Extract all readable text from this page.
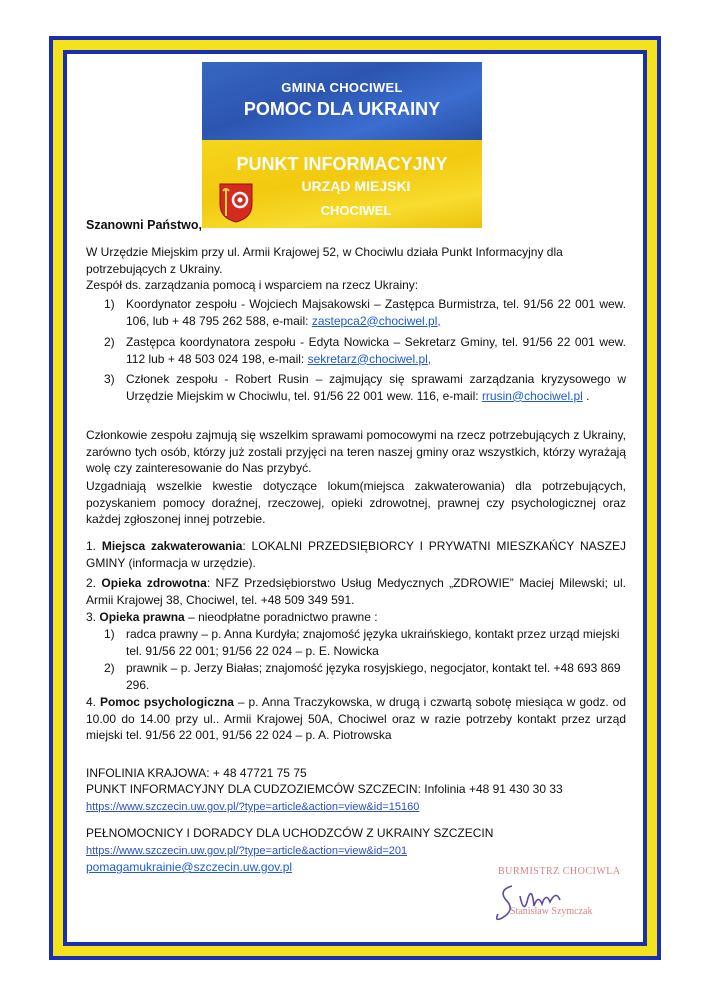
GMINA CHOCIWEL
POMOC DLA UKRAINY
PUNKT INFORMACYJNY
URZĄD MIEJSKI
CHOCIWEL
Szanowni Państwo,
W Urzędzie Miejskim przy ul. Armii Krajowej 52, w Chociwlu działa Punkt Informacyjny dla potrzebujących z Ukrainy.
Zespół ds. zarządzania pomocą i wsparciem na rzecz Ukrainy:
1) Koordynator zespołu - Wojciech Majsakowski – Zastępca Burmistrza, tel. 91/56 22 001 wew. 106, lub + 48 795 262 588, e-mail: zastepca2@chociwel.pl,
2) Zastępca koordynatora zespołu - Edyta Nowicka – Sekretarz Gminy, tel. 91/56 22 001 wew. 112 lub + 48 503 024 198, e-mail: sekretarz@chociwel.pl,
3) Członek zespołu - Robert Rusin – zajmujący się sprawami zarządzania kryzysowego w Urzędzie Miejskim w Chociwlu, tel. 91/56 22 001 wew. 116, e-mail: rrusin@chociwel.pl .
Członkowie zespołu zajmują się wszelkim sprawami pomocowymi na rzecz potrzebujących z Ukrainy, zarówno tych osób, którzy już zostali przyjęci na teren naszej gminy oraz wszystkich, którzy wyrażają wolę czy zainteresowanie do Nas przybyć.
Uzgadniają wszelkie kwestie dotyczące lokum(miejsca zakwaterowania) dla potrzebujących, pozyskaniem pomocy doraźnej, rzeczowej, opieki zdrowotnej, prawnej czy psychologicznej oraz każdej zgłoszonej innej potrzebie.
1. Miejsca zakwaterowania: LOKALNI PRZEDSIĘBIORCY I PRYWATNI MIESZKAŃCY NASZEJ GMINY (informacja w urzędzie).
2. Opieka zdrowotna: NFZ Przedsiębiorstwo Usług Medycznych „ZDROWIE” Maciej Milewski; ul. Armii Krajowej 38, Chociwel, tel. +48 509 349 591.
3. Opieka prawna – nieodpłatne poradnictwo prawne :
1) radca prawny – p. Anna Kurdyła; znajomość języka ukraińskiego, kontakt przez urząd miejski tel. 91/56 22 001; 91/56 22 024 – p. E. Nowicka
2) prawnik – p. Jerzy Białas; znajomość języka rosyjskiego, negocjator, kontakt tel. +48 693 869 296.
4. Pomoc psychologiczna – p. Anna Traczykowska, w drugą i czwartą sobotę miesiąca w godz. od 10.00 do 14.00 przy ul.. Armii Krajowej 50A, Chociwel oraz w razie potrzeby kontakt przez urząd miejski tel. 91/56 22 001, 91/56 22 024 – p. A. Piotrowska
INFOLINIA KRAJOWA: + 48 47721 75 75
PUNKT INFORMACYJNY DLA CUDZOZIEMCÓW SZCZECIN: Infolinia +48 91 430 30 33
https://www.szczecin.uw.gov.pl/?type=article&action=view&id=15160
PEŁNOMOCNICY I DORADCY DLA UCHODZCÓW Z UKRAINY SZCZECIN
https://www.szczecin.uw.gov.pl/?type=article&action=view&id=201
pomagamukrainie@szczecin.uw.gov.pl	BURMISTRZ CHOCIWLA
Stanisław Szymczak
